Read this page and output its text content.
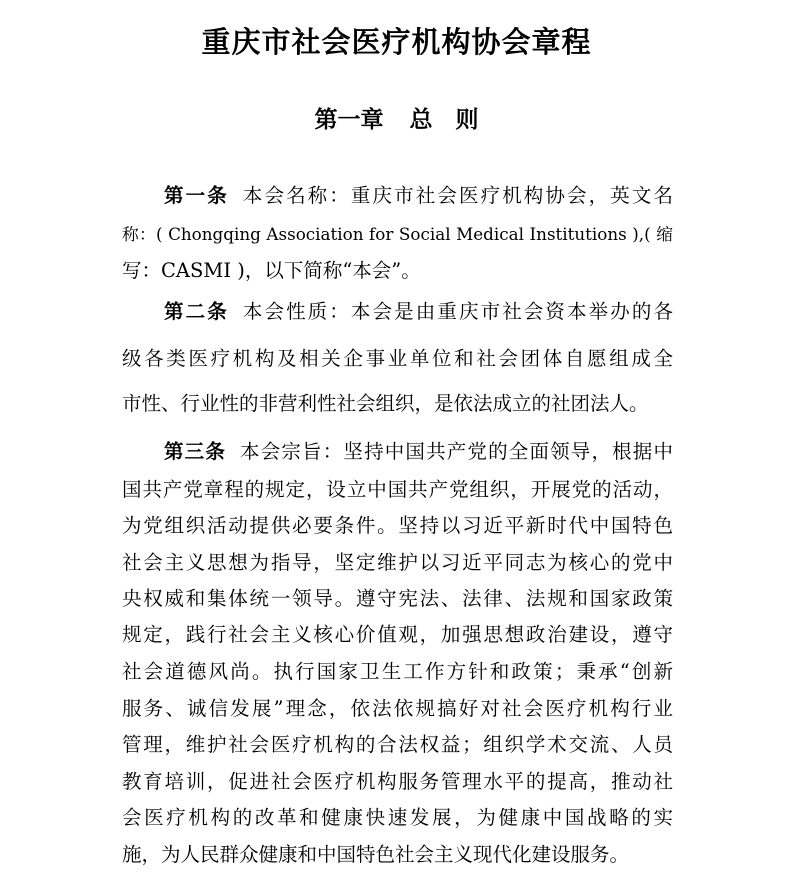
重庆市社会医疗机构协会章程
第一章 总　则
第一条 本会名称：重庆市社会医疗机构协会，英文名
称：( Chongqing Association for Social Medical Institutions ),( 缩
写：CASMI )，以下简称“本会”。
第二条 本会性质：本会是由重庆市社会资本举办的各
级各类医疗机构及相关企事业单位和社会团体自愿组成全
市性、行业性的非营利性社会组织，是依法成立的社团法人。
第三条 本会宗旨：坚持中国共产党的全面领导，根据中
国共产党章程的规定，设立中国共产党组织，开展党的活动，
为党组织活动提供必要条件。坚持以习近平新时代中国特色
社会主义思想为指导，坚定维护以习近平同志为核心的党中
央权威和集体统一领导。遵守宪法、法律、法规和国家政策
规定，践行社会主义核心价值观，加强思想政治建设，遵守
社会道德风尚。执行国家卫生工作方针和政策；秉承“创新
服务、诚信发展”理念，依法依规搞好对社会医疗机构行业
管理，维护社会医疗机构的合法权益；组织学术交流、人员
教育培训，促进社会医疗机构服务管理水平的提高，推动社
会医疗机构的改革和健康快速发展，为健康中国战略的实
施，为人民群众健康和中国特色社会主义现代化建设服务。
